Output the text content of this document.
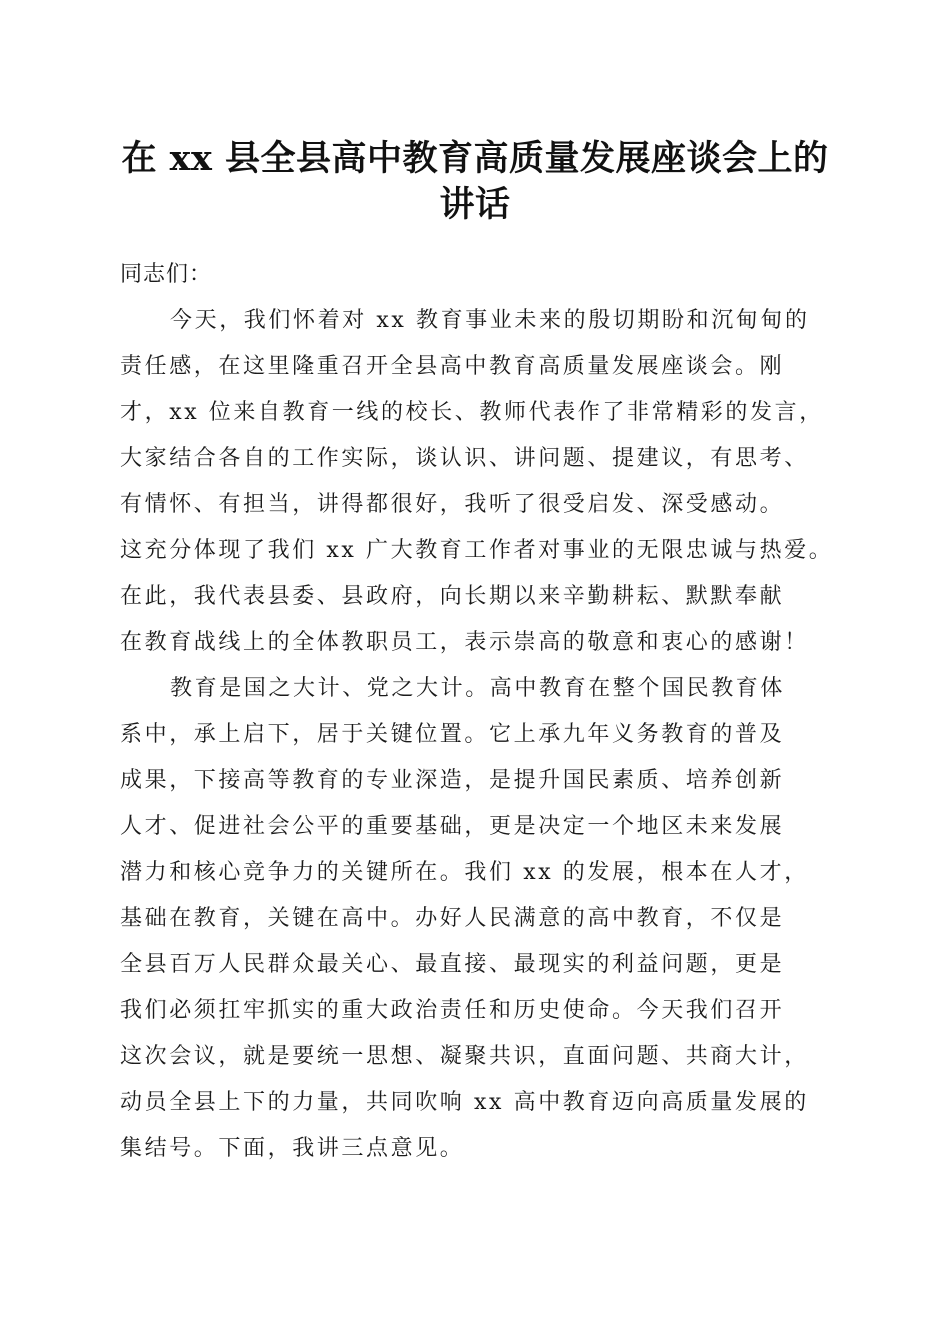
在 xx 县全县高中教育高质量发展座谈会上的
讲话
同志们：
今天，我们怀着对 xx 教育事业未来的殷切期盼和沉甸甸的
责任感，在这里隆重召开全县高中教育高质量发展座谈会。刚
才，xx 位来自教育一线的校长、教师代表作了非常精彩的发言，
大家结合各自的工作实际，谈认识、讲问题、提建议，有思考、
有情怀、有担当，讲得都很好，我听了很受启发、深受感动。
这充分体现了我们 xx 广大教育工作者对事业的无限忠诚与热爱。
在此，我代表县委、县政府，向长期以来辛勤耕耘、默默奉献
在教育战线上的全体教职员工，表示崇高的敬意和衷心的感谢！
教育是国之大计、党之大计。高中教育在整个国民教育体
系中，承上启下，居于关键位置。它上承九年义务教育的普及
成果，下接高等教育的专业深造，是提升国民素质、培养创新
人才、促进社会公平的重要基础，更是决定一个地区未来发展
潜力和核心竞争力的关键所在。我们 xx 的发展，根本在人才，
基础在教育，关键在高中。办好人民满意的高中教育，不仅是
全县百万人民群众最关心、最直接、最现实的利益问题，更是
我们必须扛牢抓实的重大政治责任和历史使命。今天我们召开
这次会议，就是要统一思想、凝聚共识，直面问题、共商大计，
动员全县上下的力量，共同吹响 xx 高中教育迈向高质量发展的
集结号。下面，我讲三点意见。
